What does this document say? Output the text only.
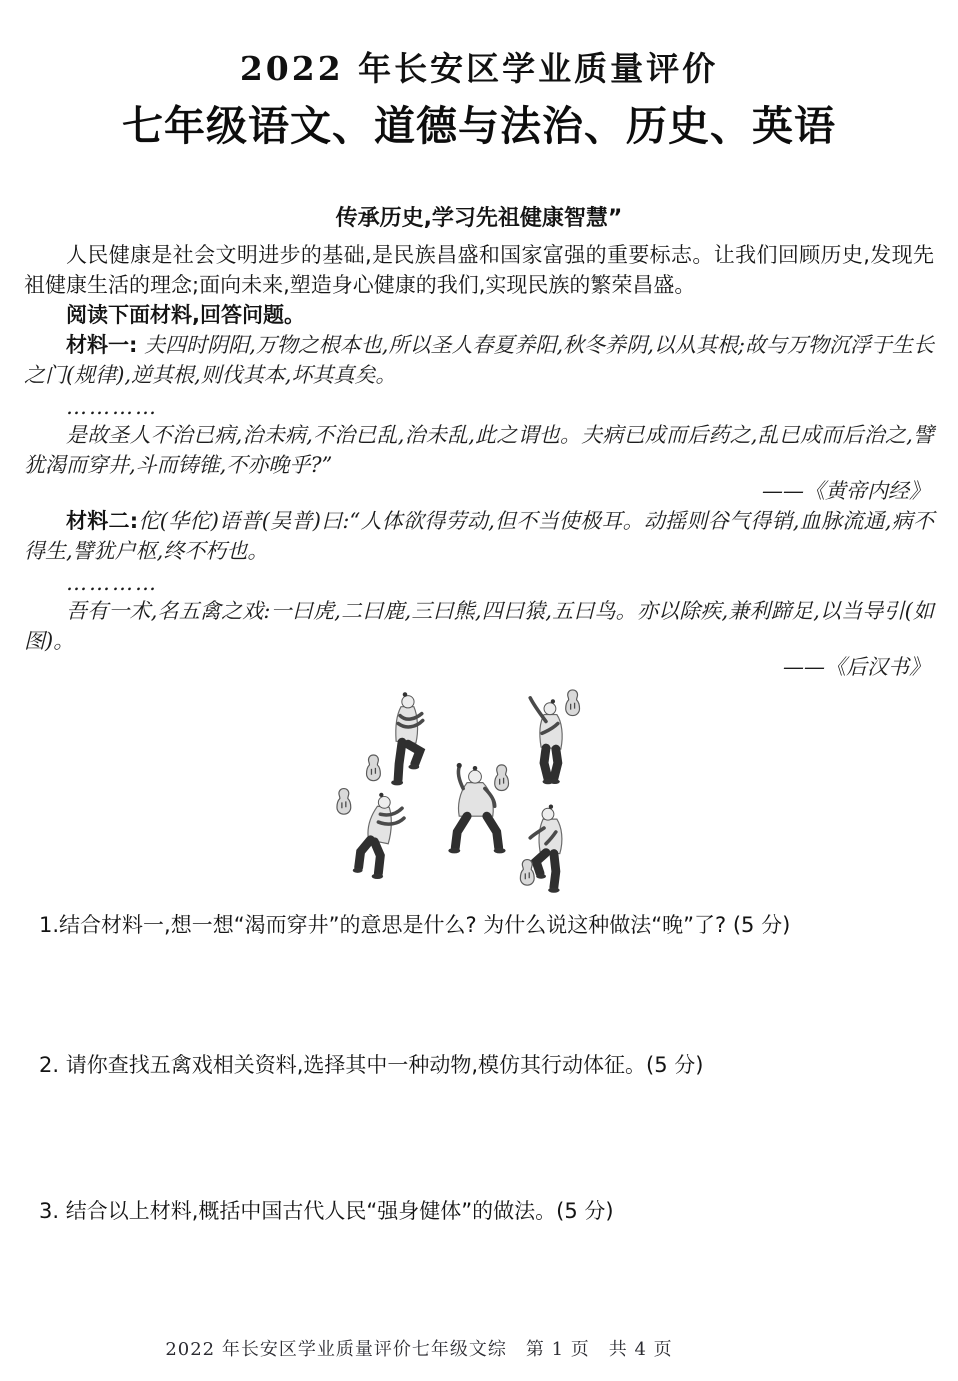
2022 年长安区学业质量评价
七年级语文、道德与法治、历史、英语
传承历史,学习先祖健康智慧”

人民健康是社会文明进步的基础,是民族昌盛和国家富强的重要标志。让我们回顾历史,发现先祖健康生活的理念;面向未来,塑造身心健康的我们,实现民族的繁荣昌盛。

阅读下面材料,回答问题。

材料一: 夫四时阴阳,万物之根本也,所以圣人春夏养阳,秋冬养阴,以从其根;故与万物沉浮于生长之门(规律),逆其根,则伐其本,坏其真矣。

…………

是故圣人不治已病,治未病,不治已乱,治未乱,此之谓也。夫病已成而后药之,乱已成而后治之,譬犹渴而穿井,斗而铸锥,不亦晚乎?”

——《黄帝内经》

材料二:佗(华佗)语普(吴普)曰:“人体欲得劳动,但不当使极耳。动摇则谷气得销,血脉流通,病不得生,譬犹户枢,终不朽也。

…………

吾有一术,名五禽之戏:一曰虎,二曰鹿,三曰熊,四曰猿,五曰鸟。亦以除疾,兼利蹄足,以当导引(如图)。

——《后汉书》

1.结合材料一,想一想“渴而穿井”的意思是什么? 为什么说这种做法“晚”了? (5 分)

2. 请你查找五禽戏相关资料,选择其中一种动物,模仿其行动体征。(5 分)

3. 结合以上材料,概括中国古代人民“强身健体”的做法。(5 分)

2022 年长安区学业质量评价七年级文综　第 1 页　共 4 页
